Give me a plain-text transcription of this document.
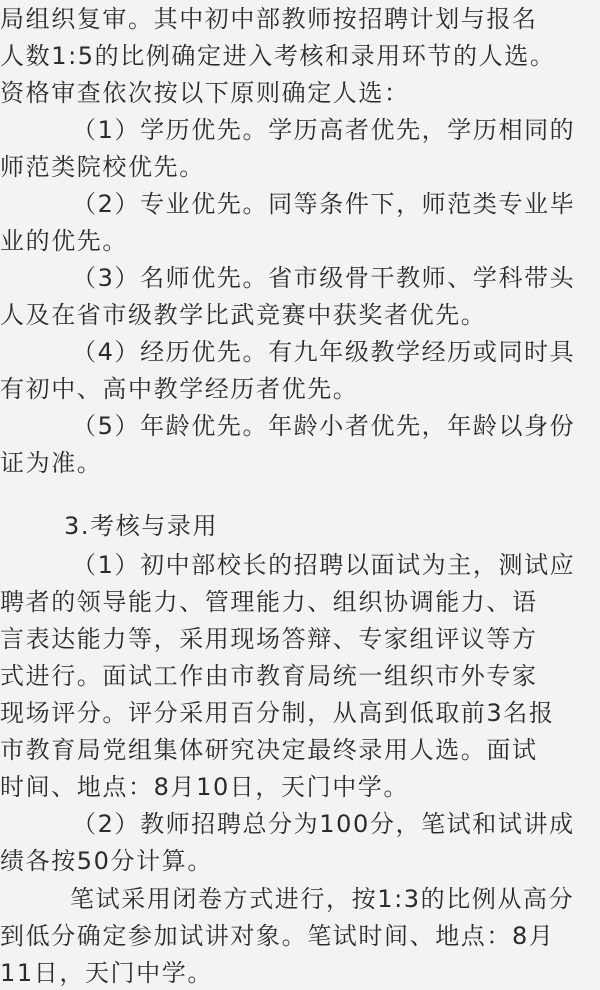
局组织复审。其中初中部教师按招聘计划与报名
人数1:5的比例确定进入考核和录用环节的人选。
资格审查依次按以下原则确定人选：
（1）学历优先。学历高者优先，学历相同的
师范类院校优先。
（2）专业优先。同等条件下，师范类专业毕
业的优先。
（3）名师优先。省市级骨干教师、学科带头
人及在省市级教学比武竞赛中获奖者优先。
（4）经历优先。有九年级教学经历或同时具
有初中、高中教学经历者优先。
（5）年龄优先。年龄小者优先，年龄以身份
证为准。
3.考核与录用
（1）初中部校长的招聘以面试为主，测试应
聘者的领导能力、管理能力、组织协调能力、语
言表达能力等，采用现场答辩、专家组评议等方
式进行。面试工作由市教育局统一组织市外专家
现场评分。评分采用百分制，从高到低取前3名报
市教育局党组集体研究决定最终录用人选。面试
时间、地点：8月10日，天门中学。
（2）教师招聘总分为100分，笔试和试讲成
绩各按50分计算。
笔试采用闭卷方式进行，按1:3的比例从高分
到低分确定参加试讲对象。笔试时间、地点：8月
11日，天门中学。
